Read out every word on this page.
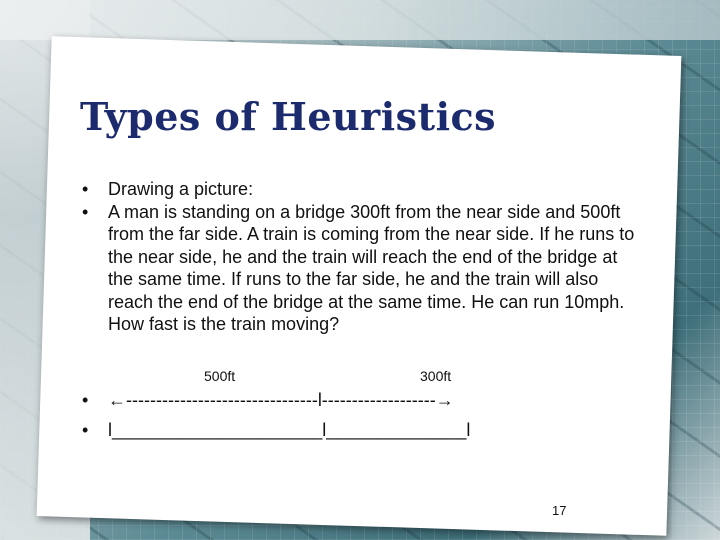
Types of Heuristics
• Drawing a picture:
• A man is standing on a bridge 300ft from the near side and 500ft from the far side. A train is coming from the near side. If he runs to the near side, he and the train will reach the end of the bridge at the same time. If runs to the far side, he and the train will also reach the end of the bridge at the same time. He can run 10mph. How fast is the train moving?
500ft	300ft
• ←--------------------------------l-------------------→
• l_____________________l______________l
17
